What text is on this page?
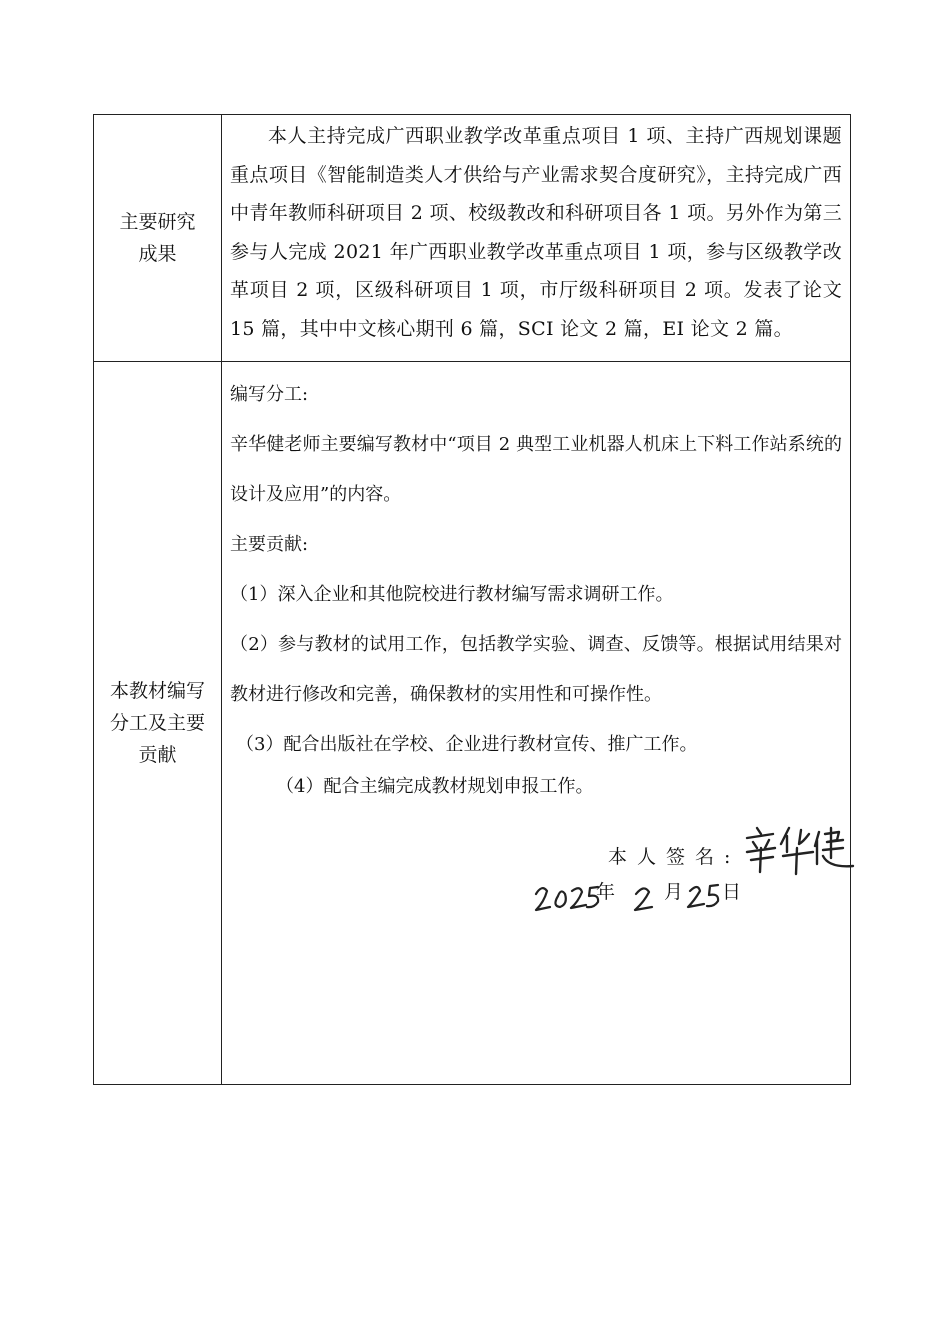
主要研究
成果
本人主持完成广西职业教学改革重点项目 1 项、主持广西规划课题重点项目《智能制造类人才供给与产业需求契合度研究》，主持完成广西中青年教师科研项目 2 项、校级教改和科研项目各 1 项。另外作为第三参与人完成 2021 年广西职业教学改革重点项目 1 项，参与区级教学改革项目 2 项，区级科研项目 1 项，市厅级科研项目 2 项。发表了论文 15 篇，其中中文核心期刊 6 篇，SCI 论文 2 篇，EI 论文 2 篇。
本教材编写
分工及主要
贡献

编写分工:

辛华健老师主要编写教材中“项目 2 典型工业机器人机床上下料工作站系统的设计及应用”的内容。

主要贡献:

（1）深入企业和其他院校进行教材编写需求调研工作。

（2）参与教材的试用工作，包括教学实验、调查、反馈等。根据试用结果对教材进行修改和完善，确保教材的实用性和可操作性。

（3）配合出版社在学校、企业进行教材宣传、推广工作。

（4）配合主编完成教材规划申报工作。

本人签名:
年	月 日
